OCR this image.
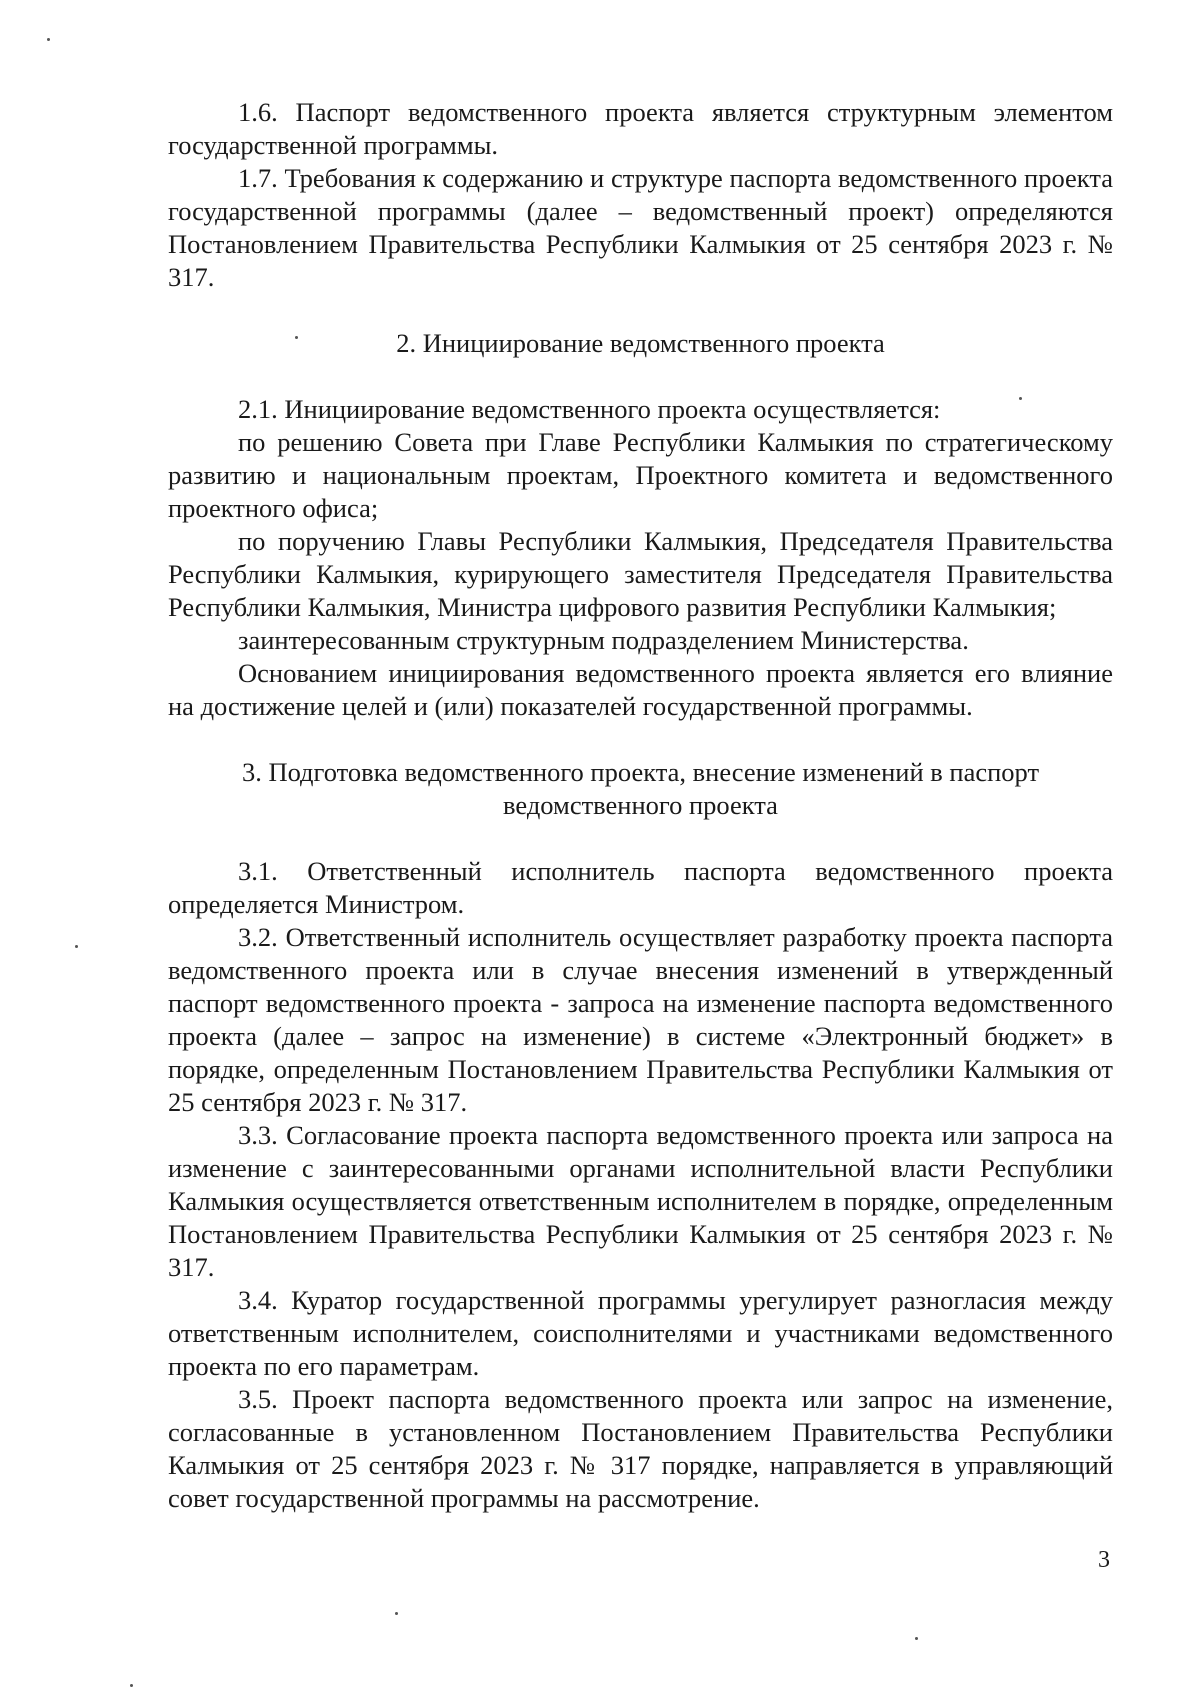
1.6. Паспорт ведомственного проекта является структурным элементом государственной программы.

1.7. Требования к содержанию и структуре паспорта ведомственного проекта государственной программы (далее – ведомственный проект) определяются Постановлением Правительства Республики Калмыкия от 25 сентября 2023 г. № 317.

2. Инициирование ведомственного проекта

2.1. Инициирование ведомственного проекта осуществляется:

по решению Совета при Главе Республики Калмыкия по стратегическому развитию и национальным проектам, Проектного комитета и ведомственного проектного офиса;

по поручению Главы Республики Калмыкия, Председателя Правительства Республики Калмыкия, курирующего заместителя Председателя Правительства Республики Калмыкия, Министра цифрового развития Республики Калмыкия;

заинтересованным структурным подразделением Министерства.

Основанием инициирования ведомственного проекта является его влияние на достижение целей и (или) показателей государственной программы.

3. Подготовка ведомственного проекта, внесение изменений в паспорт ведомственного проекта

3.1. Ответственный исполнитель паспорта ведомственного проекта определяется Министром.

3.2. Ответственный исполнитель осуществляет разработку проекта паспорта ведомственного проекта или в случае внесения изменений в утвержденный паспорт ведомственного проекта - запроса на изменение паспорта ведомственного проекта (далее – запрос на изменение) в системе «Электронный бюджет» в порядке, определенным Постановлением Правительства Республики Калмыкия от 25 сентября 2023 г. № 317.

3.3. Согласование проекта паспорта ведомственного проекта или запроса на изменение с заинтересованными органами исполнительной власти Республики Калмыкия осуществляется ответственным исполнителем в порядке, определенным Постановлением Правительства Республики Калмыкия от 25 сентября 2023 г. № 317.

3.4. Куратор государственной программы урегулирует разногласия между ответственным исполнителем, соисполнителями и участниками ведомственного проекта по его параметрам.

3.5. Проект паспорта ведомственного проекта или запрос на изменение, согласованные в установленном Постановлением Правительства Республики Калмыкия от 25 сентября 2023 г. № 317 порядке, направляется в управляющий совет государственной программы на рассмотрение.

3
